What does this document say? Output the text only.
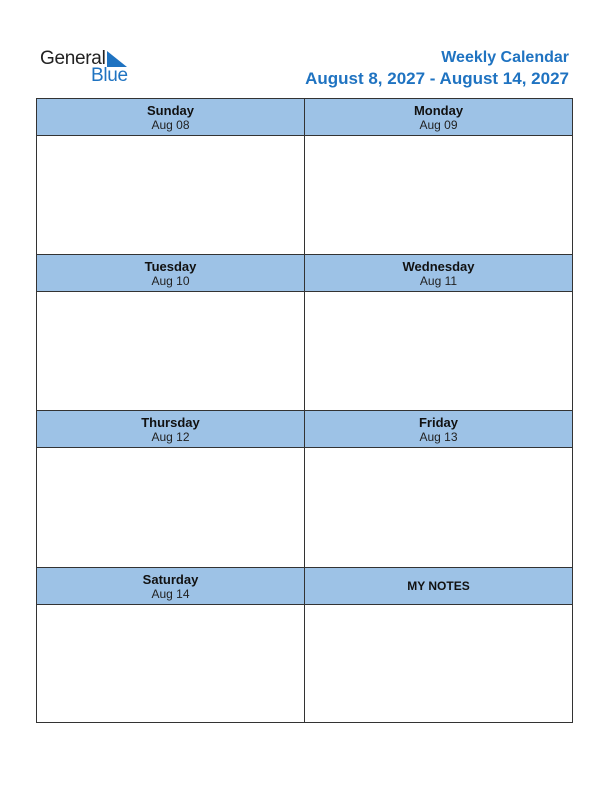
General
Blue
Weekly Calendar
August 8, 2027 - August 14, 2027
Sunday
Aug 08
Monday
Aug 09
Tuesday
Aug 10
Wednesday
Aug 11
Thursday
Aug 12
Friday
Aug 13
Saturday
Aug 14
MY NOTES
